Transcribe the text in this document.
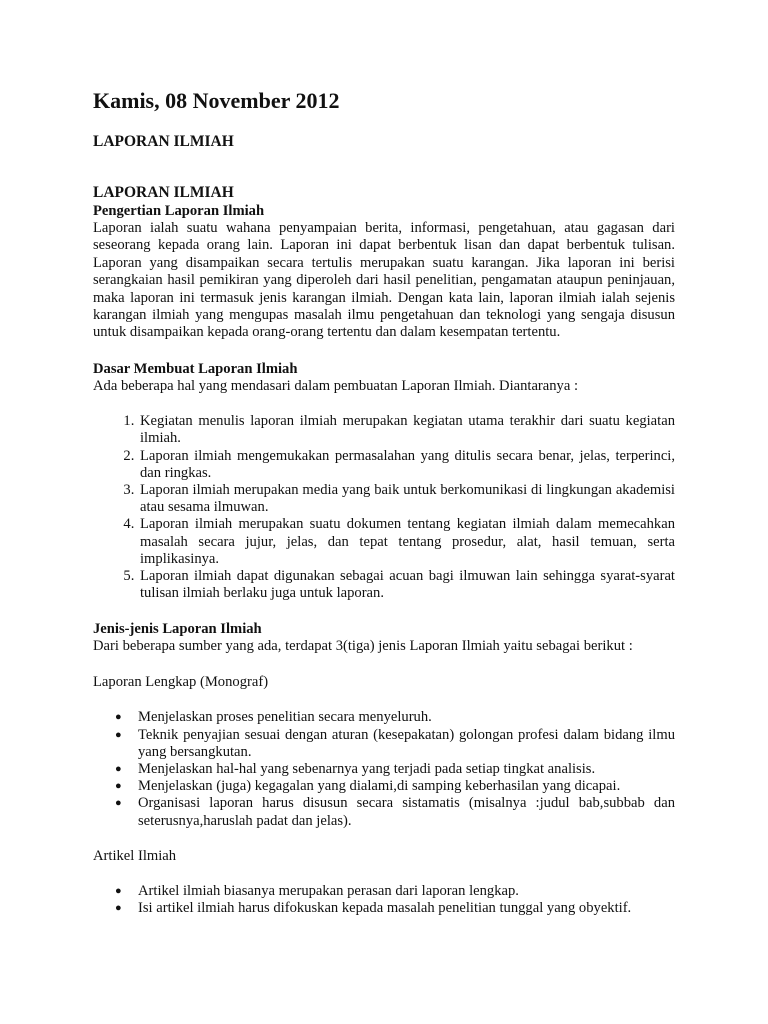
Kamis, 08 November 2012
LAPORAN ILMIAH
LAPORAN ILMIAH
Pengertian Laporan Ilmiah

Laporan ialah suatu wahana penyampaian berita, informasi, pengetahuan, atau gagasan dari seseorang kepada orang lain. Laporan ini dapat berbentuk lisan dan dapat berbentuk tulisan. Laporan yang disampaikan secara tertulis merupakan suatu karangan. Jika laporan ini berisi serangkaian hasil pemikiran yang diperoleh dari hasil penelitian, pengamatan ataupun peninjauan, maka laporan ini termasuk jenis karangan ilmiah. Dengan kata lain, laporan ilmiah ialah sejenis karangan ilmiah yang mengupas masalah ilmu pengetahuan dan teknologi yang sengaja disusun untuk disampaikan kepada orang-orang tertentu dan dalam kesempatan tertentu.

Dasar Membuat Laporan Ilmiah

Ada beberapa hal yang mendasari dalam pembuatan Laporan Ilmiah. Diantaranya :

1. Kegiatan menulis laporan ilmiah merupakan kegiatan utama terakhir dari suatu kegiatan ilmiah.
2. Laporan ilmiah mengemukakan permasalahan yang ditulis secara benar, jelas, terperinci, dan ringkas.
3. Laporan ilmiah merupakan media yang baik untuk berkomunikasi di lingkungan akademisi atau sesama ilmuwan.
4. Laporan ilmiah merupakan suatu dokumen tentang kegiatan ilmiah dalam memecahkan masalah secara jujur, jelas, dan tepat tentang prosedur, alat, hasil temuan, serta implikasinya.
5. Laporan ilmiah dapat digunakan sebagai acuan bagi ilmuwan lain sehingga syarat-syarat tulisan ilmiah berlaku juga untuk laporan.
Jenis-jenis Laporan Ilmiah

Dari beberapa sumber yang ada, terdapat 3(tiga) jenis Laporan Ilmiah yaitu sebagai berikut :

Laporan Lengkap (Monograf)

● Menjelaskan proses penelitian secara menyeluruh.
● Teknik penyajian sesuai dengan aturan (kesepakatan) golongan profesi dalam bidang ilmu yang bersangkutan.
● Menjelaskan hal-hal yang sebenarnya yang terjadi pada setiap tingkat analisis.
● Menjelaskan (juga) kegagalan yang dialami,di samping keberhasilan yang dicapai.
● Organisasi laporan harus disusun secara sistamatis (misalnya :judul bab,subbab dan seterusnya,haruslah padat dan jelas).

Artikel Ilmiah

● Artikel ilmiah biasanya merupakan perasan dari laporan lengkap.
● Isi artikel ilmiah harus difokuskan kepada masalah penelitian tunggal yang obyektif.
